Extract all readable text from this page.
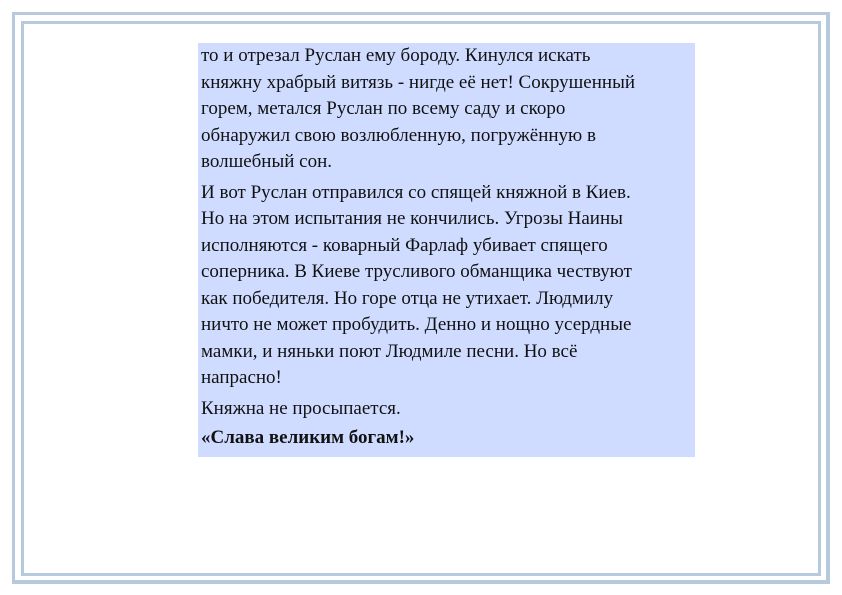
то и отрезал Руслан ему бороду. Кинулся искать
княжну храбрый витязь - нигде её нет! Сокрушенный
горем, метался Руслан по всему саду и скоро
обнаружил свою возлюбленную, погружённую в
волшебный сон.

И вот Руслан отправился со спящей княжной в Киев.
Но на этом испытания не кончились. Угрозы Наины
исполняются - коварный Фарлаф убивает спящего
соперника. В Киеве трусливого обманщика чествуют
как победителя. Но горе отца не утихает. Людмилу
ничто не может пробудить. Денно и нощно усердные
мамки, и няньки поют Людмиле песни. Но всё
напрасно!

Княжна не просыпается.

«Слава великим богам!»
